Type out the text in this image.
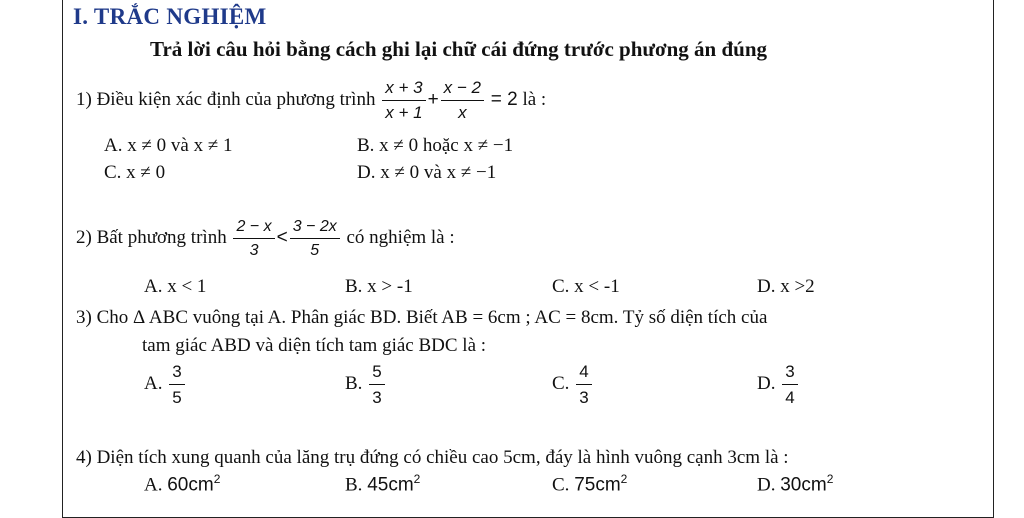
I. TRẮC NGHIỆM
Trả lời câu hỏi bằng cách ghi lại chữ cái đứng trước phương án đúng
1) Điều kiện xác định của phương trình $\frac{x + 3}{x + 1} + \frac{x - 2}{x} = 2$ là :
A. x ≠ 0 và x ≠ 1	B. x ≠ 0 hoặc x ≠ −1
C. x ≠ 0	D. x ≠ 0 và x ≠ −1
2) Bất phương trình $\frac{2 - x}{3} < \frac{3 - 2x}{5}$ có nghiệm là :
A. x < 1	B. x > -1	C. x < -1	D. x >2
3) Cho Δ ABC vuông tại A. Phân giác BD. Biết AB = 6cm ; AC = 8cm. Tỷ số diện tích của
tam giác ABD và diện tích tam giác BDC là :
A. $\frac{3}{5}$	B. $\frac{5}{3}$	C. $\frac{4}{3}$	D. $\frac{3}{4}$
4) Diện tích xung quanh của lăng trụ đứng có chiều cao 5cm, đáy là hình vuông cạnh 3cm là :
A. $60cm^2$	B. $45cm^2$	C. $75cm^2$	D. $30cm^2$
